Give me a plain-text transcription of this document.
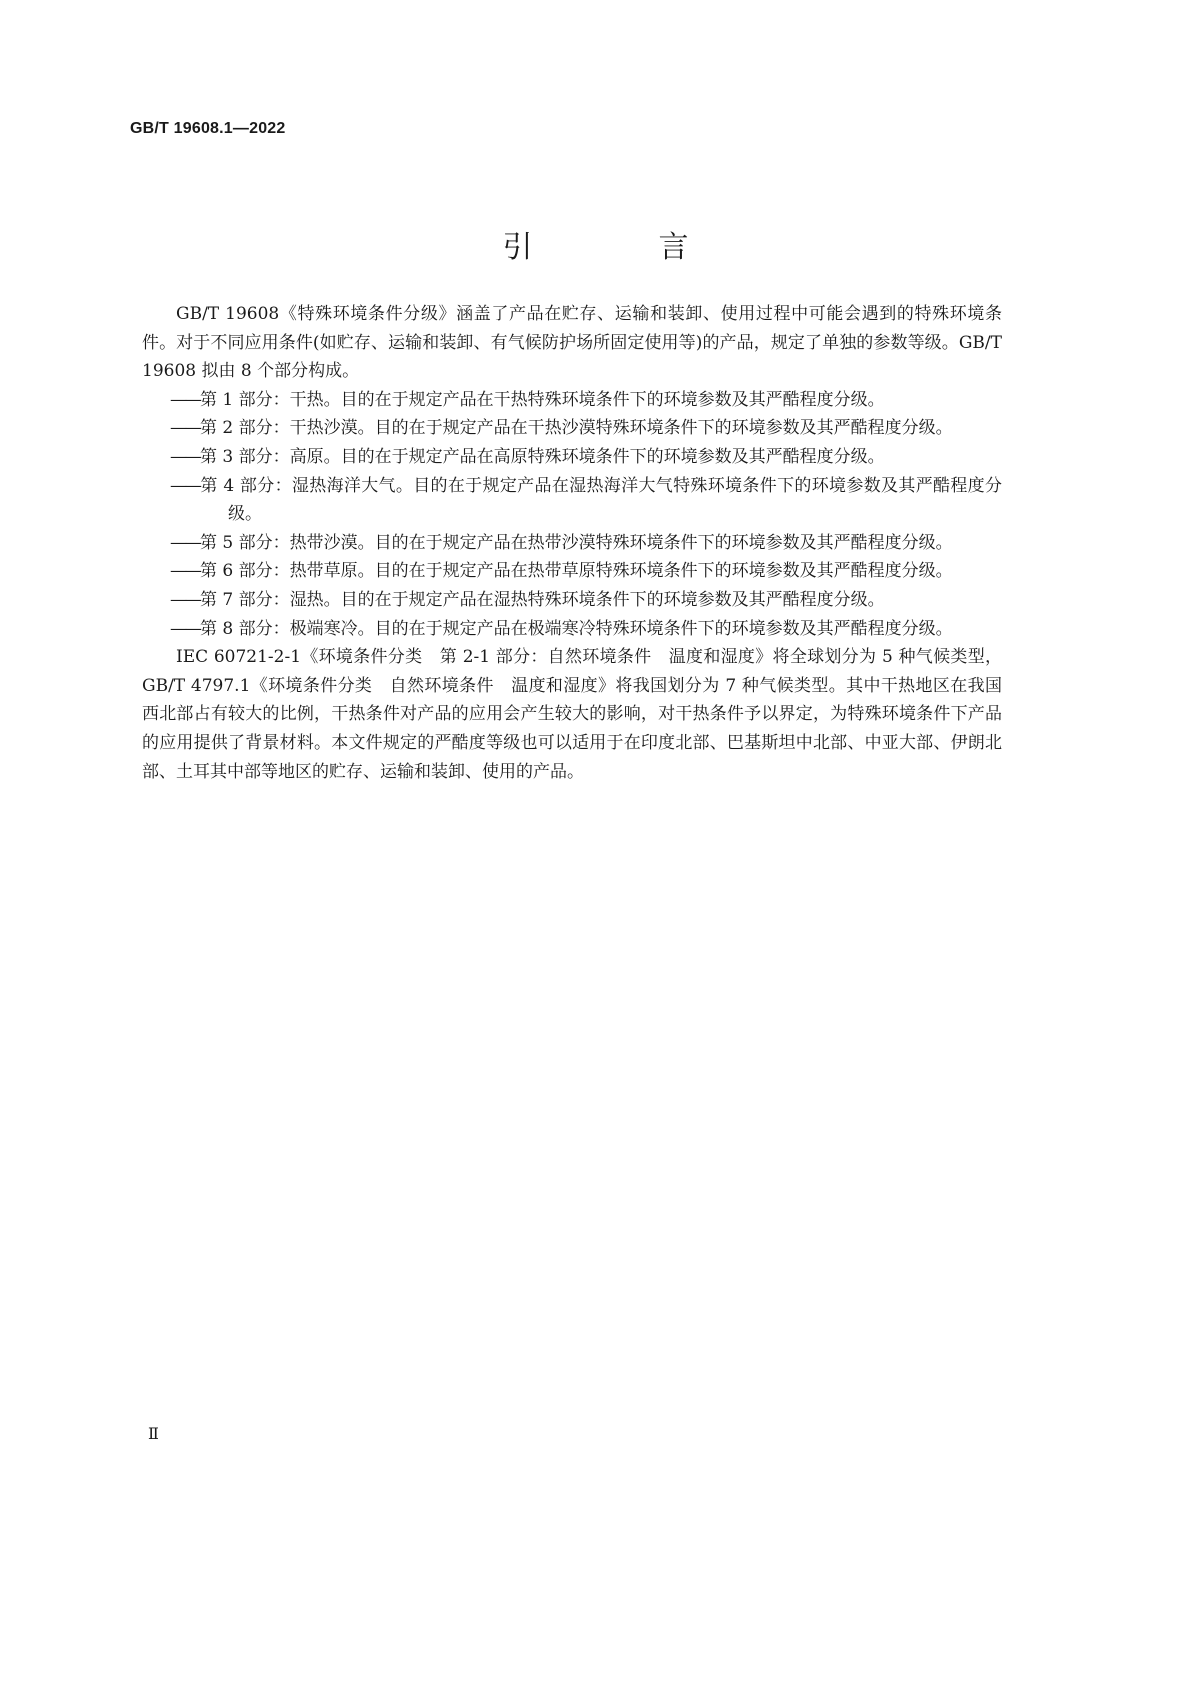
GB/T 19608.1—2022
引　言

GB/T 19608《特殊环境条件分级》涵盖了产品在贮存、运输和装卸、使用过程中可能会遇到的特殊环境条件。对于不同应用条件(如贮存、运输和装卸、有气候防护场所固定使用等)的产品，规定了单独的参数等级。GB/T 19608 拟由 8 个部分构成。

——第 1 部分：干热。目的在于规定产品在干热特殊环境条件下的环境参数及其严酷程度分级。
——第 2 部分：干热沙漠。目的在于规定产品在干热沙漠特殊环境条件下的环境参数及其严酷程度分级。
——第 3 部分：高原。目的在于规定产品在高原特殊环境条件下的环境参数及其严酷程度分级。
——第 4 部分：湿热海洋大气。目的在于规定产品在湿热海洋大气特殊环境条件下的环境参数及其严酷程度分级。
——第 5 部分：热带沙漠。目的在于规定产品在热带沙漠特殊环境条件下的环境参数及其严酷程度分级。
——第 6 部分：热带草原。目的在于规定产品在热带草原特殊环境条件下的环境参数及其严酷程度分级。
——第 7 部分：湿热。目的在于规定产品在湿热特殊环境条件下的环境参数及其严酷程度分级。
——第 8 部分：极端寒冷。目的在于规定产品在极端寒冷特殊环境条件下的环境参数及其严酷程度分级。

IEC 60721-2-1《环境条件分类　第 2-1 部分：自然环境条件　温度和湿度》将全球划分为 5 种气候类型，GB/T 4797.1《环境条件分类　自然环境条件　温度和湿度》将我国划分为 7 种气候类型。其中干热地区在我国西北部占有较大的比例，干热条件对产品的应用会产生较大的影响，对干热条件予以界定，为特殊环境条件下产品的应用提供了背景材料。本文件规定的严酷度等级也可以适用于在印度北部、巴基斯坦中北部、中亚大部、伊朗北部、土耳其中部等地区的贮存、运输和装卸、使用的产品。

Ⅱ
